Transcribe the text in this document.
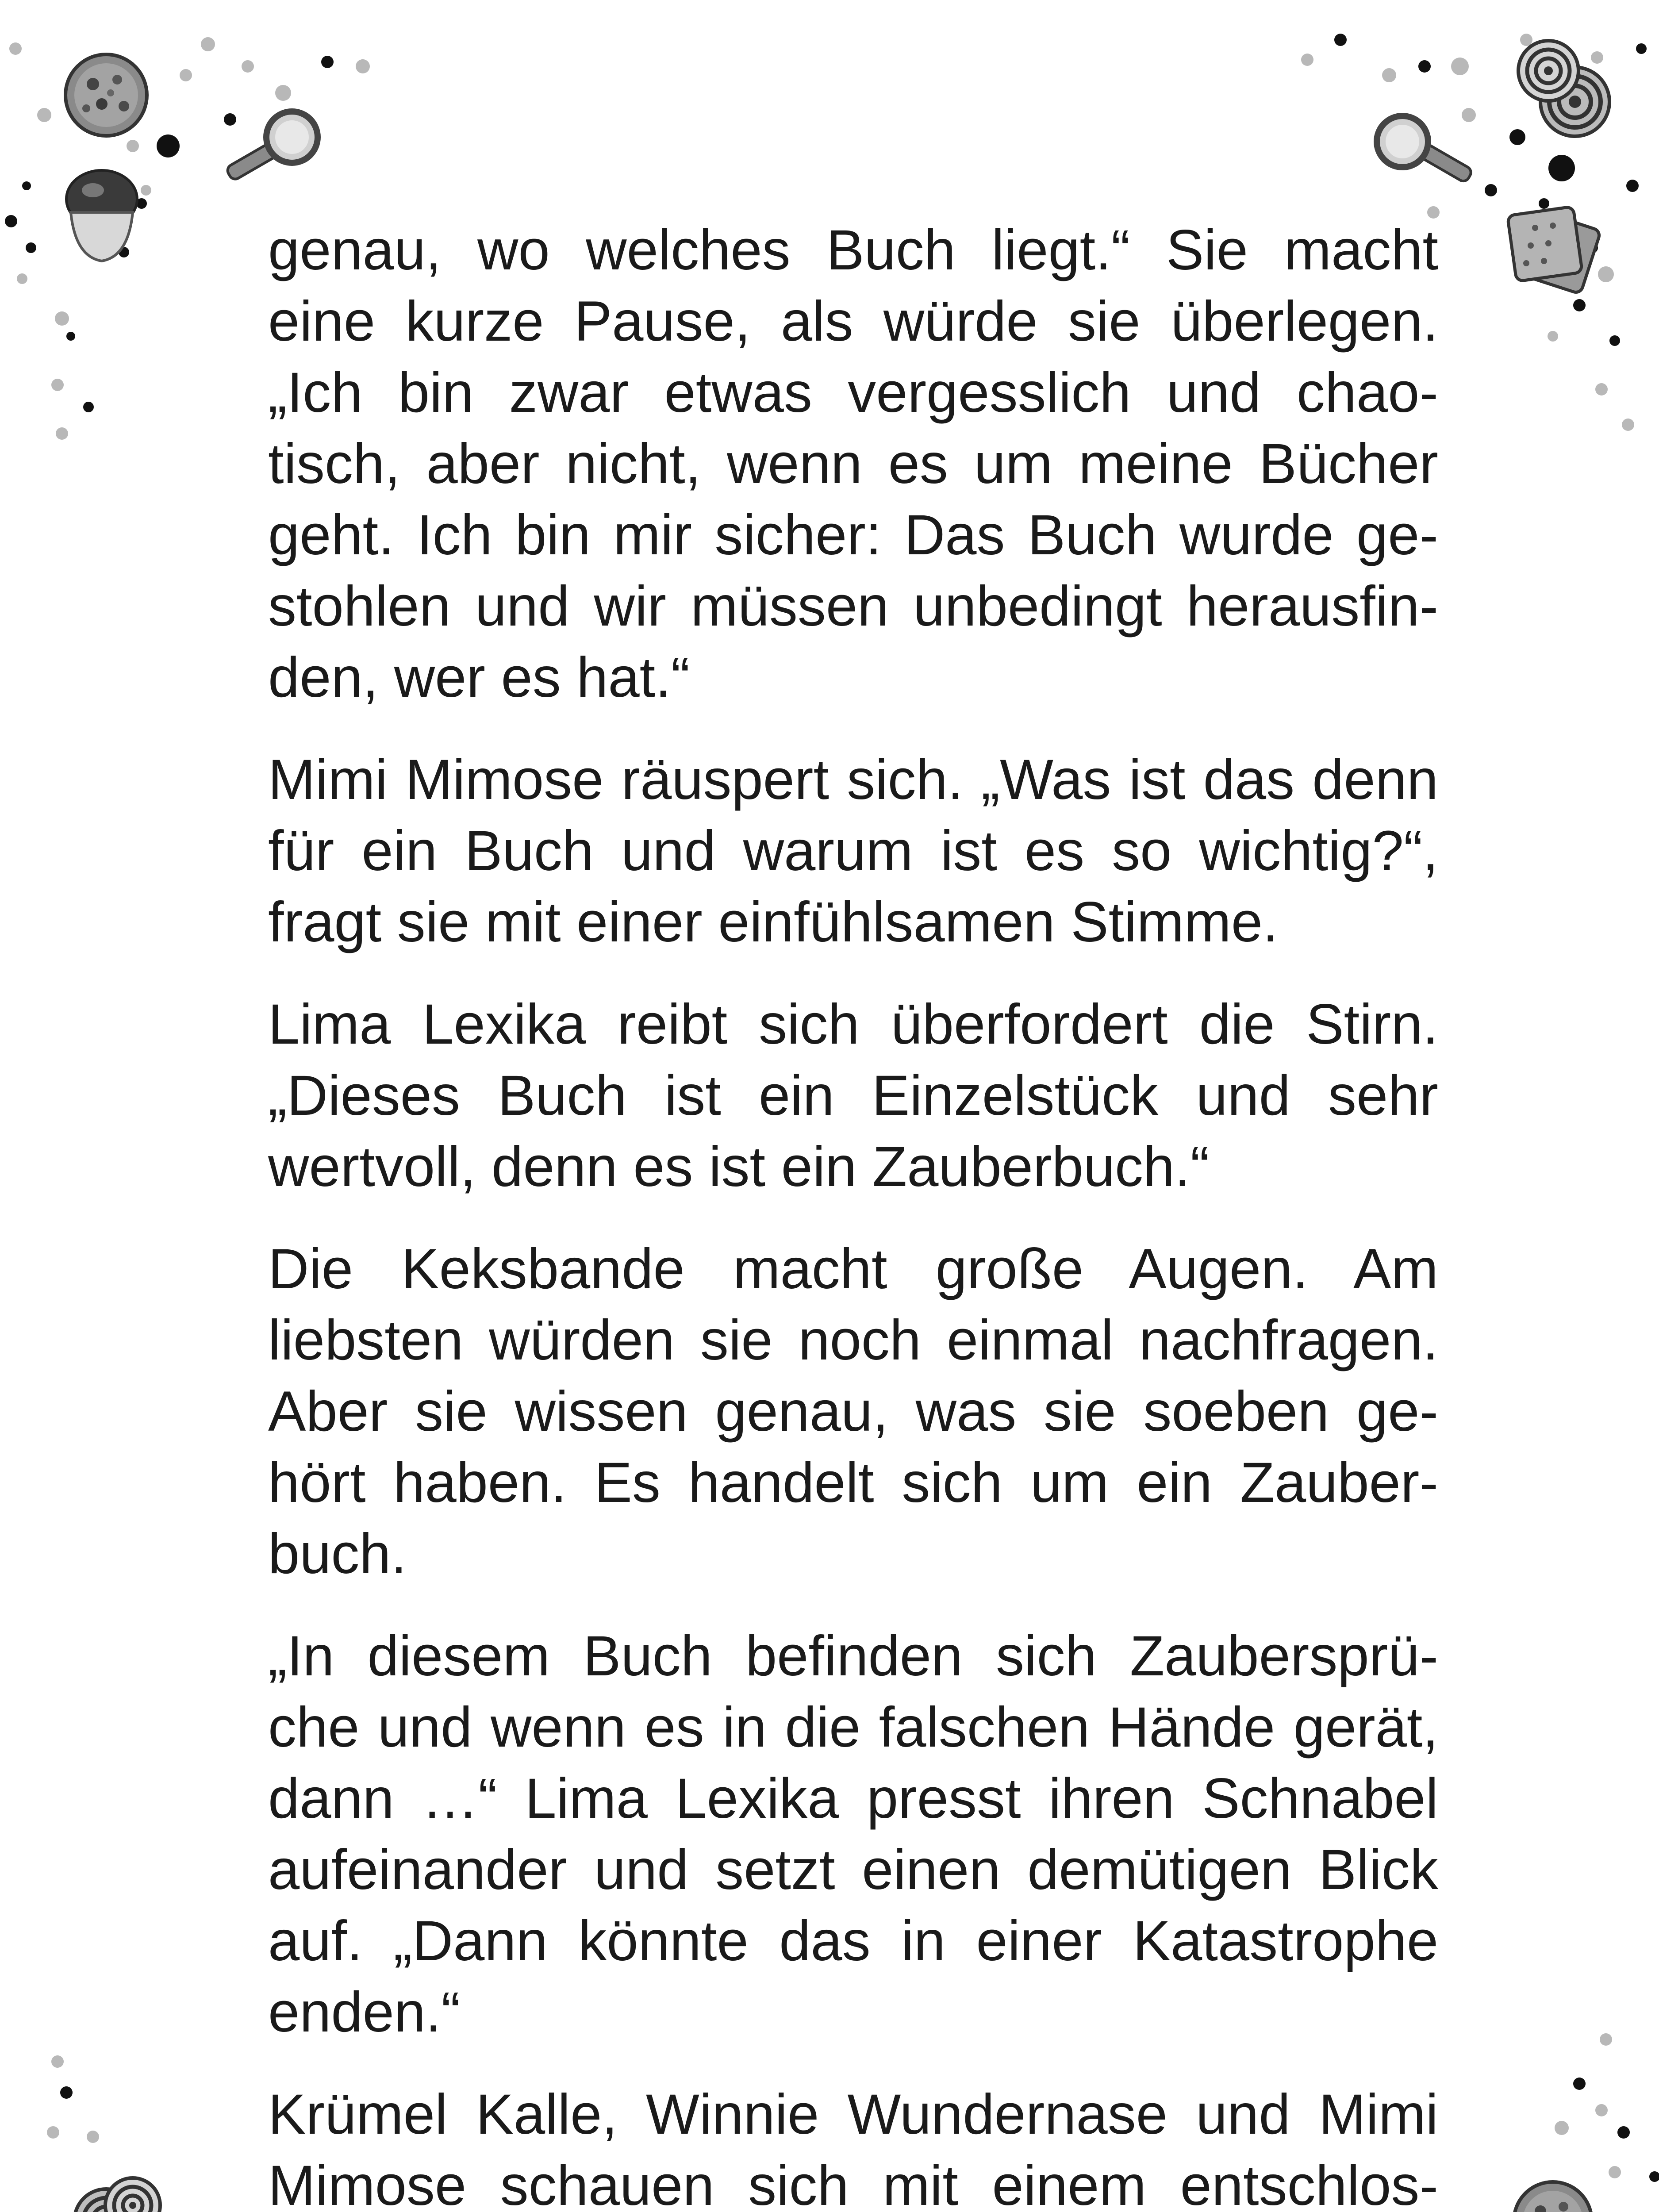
genau, wo welches Buch liegt.“ Sie macht
eine kurze Pause, als würde sie überlegen.
„Ich bin zwar etwas vergesslich und chao-
tisch, aber nicht, wenn es um meine Bücher
geht. Ich bin mir sicher: Das Buch wurde ge-
stohlen und wir müssen unbedingt herausfin-
den, wer es hat.“

Mimi Mimose räuspert sich. „Was ist das denn
für ein Buch und warum ist es so wichtig?“,
fragt sie mit einer einfühlsamen Stimme.

Lima Lexika reibt sich überfordert die Stirn.
„Dieses Buch ist ein Einzelstück und sehr
wertvoll, denn es ist ein Zauberbuch.“

Die Keksbande macht große Augen. Am
liebsten würden sie noch einmal nachfragen.
Aber sie wissen genau, was sie soeben ge-
hört haben. Es handelt sich um ein Zauber-
buch.

„In diesem Buch befinden sich Zaubersprü-
che und wenn es in die falschen Hände gerät,
dann …“ Lima Lexika presst ihren Schnabel
aufeinander und setzt einen demütigen Blick
auf. „Dann könnte das in einer Katastrophe
enden.“

Krümel Kalle, Winnie Wundernase und Mimi
Mimose schauen sich mit einem entschlos-
